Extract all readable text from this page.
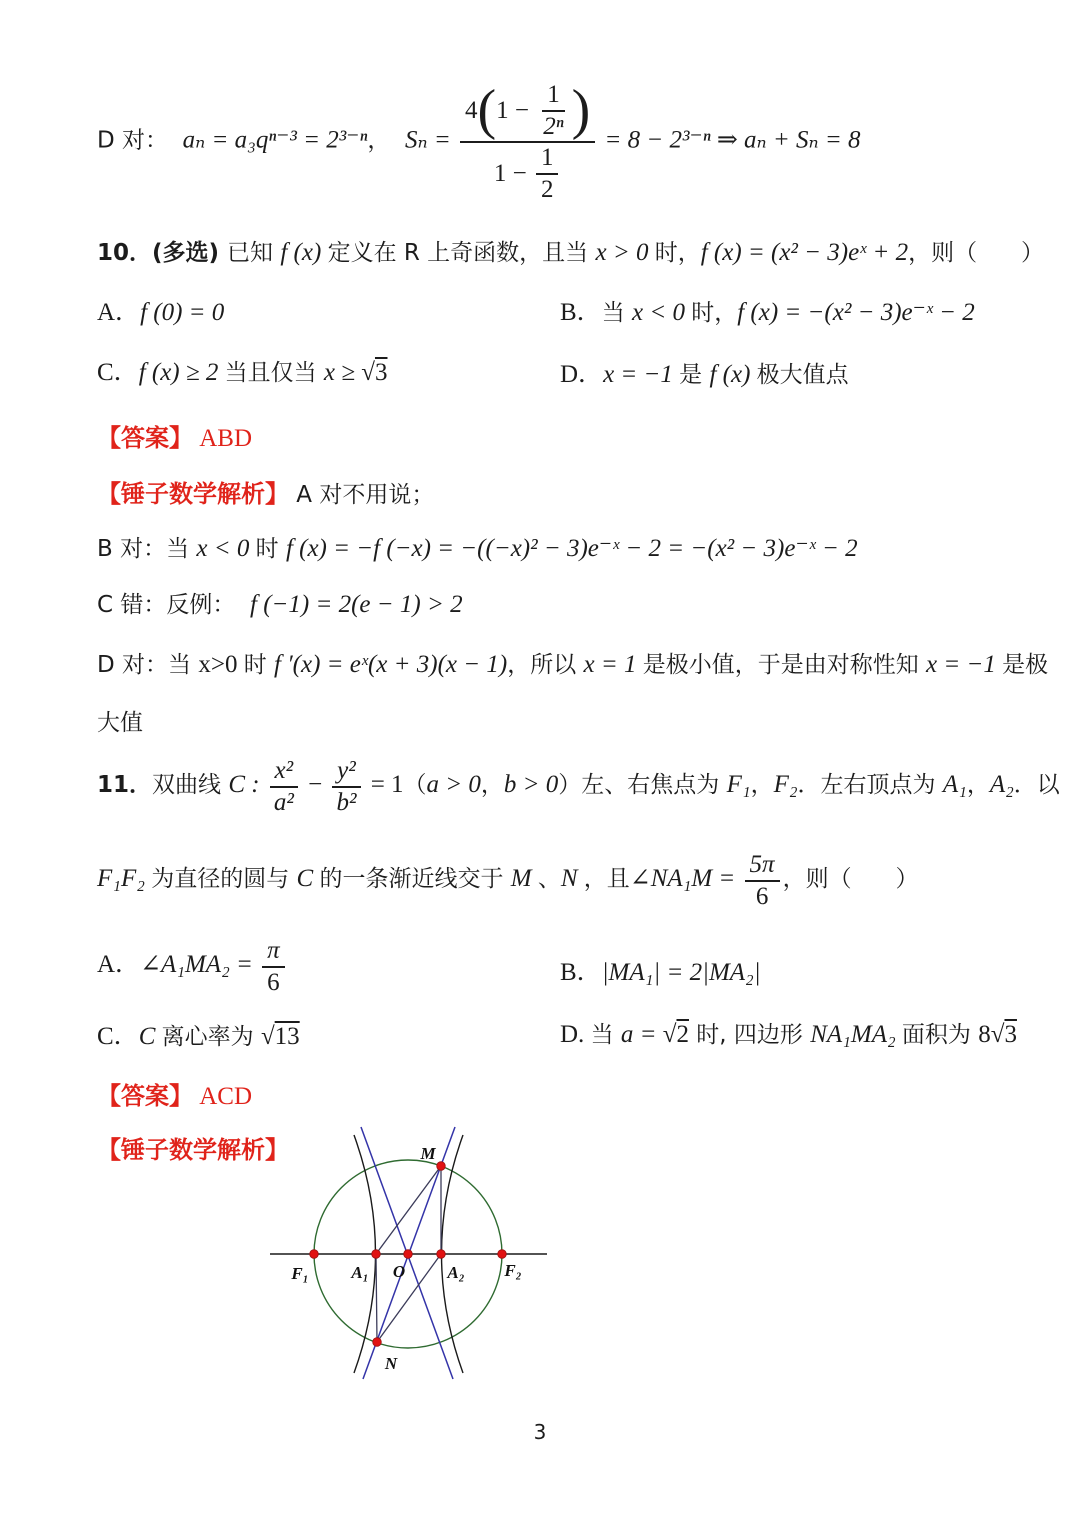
D 对：  aₙ = a₃qⁿ⁻³ = 2³⁻ⁿ，  $S_n = \frac{4 ( 1 - \frac{1}{\text{2ⁿ}} )}{1 - \frac{1}{2}} = 8 - 2^{3-n}$ ⇒ aₙ + Sₙ = 8
10．(多选) 已知 f (x) 定义在 R 上奇函数，且当 x > 0 时，f (x) = (x² − 3)eˣ + 2，则（      ）
A．f (0) = 0	B．当 x < 0 时，f (x) = −(x² − 3)e⁻ˣ − 2
C．f (x) ≥ 2 当且仅当 x ≥ √3	D．x = −1 是 f (x) 极大值点
【答案】 ABD
【锤子数学解析】 A 对不用说；
B 对：当 x < 0 时 f (x) = −f (−x) = −((−x)² − 3)e⁻ˣ − 2 = −(x² − 3)e⁻ˣ − 2
C 错：反例：  f (−1) = 2(e − 1) > 2
D 对：当 x>0 时 f ′(x) = eˣ(x + 3)(x − 1)，所以 x = 1 是极小值，于是由对称性知 x = −1 是极
大值
11．双曲线 C : $\frac{\text{x²}}{\text{a²}} - \frac{\text{y²}}{\text{b²}} = 1(a > 0$，b > 0）左、右焦点为 F₁，F₂．左右顶点为 A₁，A₂．以
F₁F₂ 为直径的圆与 C 的一条渐近线交于 M 、N ，且∠NA₁M = $\frac{5\pi}{6}$ ，则（      ）
A．∠A₁MA₂ = $\frac{\pi}{6}$	B．|MA₁| = 2|MA₂|
C．C 离心率为 √13	D. 当 a = √2 时, 四边形 NA₁MA₂ 面积为 8√3
【答案】 ACD
【锤子数学解析】
F₁	A₁ O A₂ F₂
M
N
3
